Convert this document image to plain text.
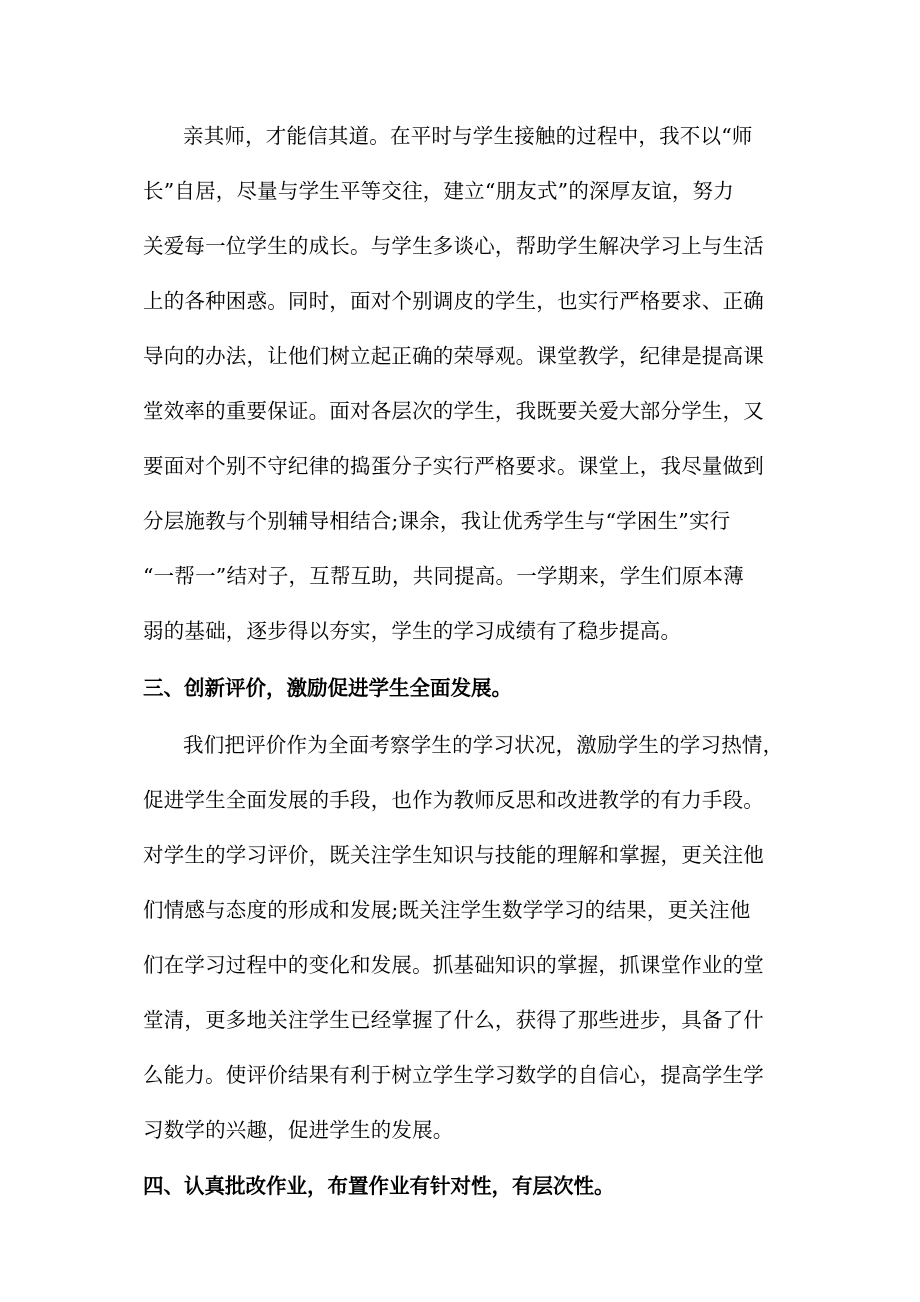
亲其师，才能信其道。在平时与学生接触的过程中，我不以“师
长”自居，尽量与学生平等交往，建立“朋友式”的深厚友谊，努力
关爱每一位学生的成长。与学生多谈心，帮助学生解决学习上与生活
上的各种困惑。同时，面对个别调皮的学生，也实行严格要求、正确
导向的办法，让他们树立起正确的荣辱观。课堂教学，纪律是提高课
堂效率的重要保证。面对各层次的学生，我既要关爱大部分学生，又
要面对个别不守纪律的捣蛋分子实行严格要求。课堂上，我尽量做到
分层施教与个别辅导相结合;课余，我让优秀学生与“学困生”实行
“一帮一”结对子，互帮互助，共同提高。一学期来，学生们原本薄
弱的基础，逐步得以夯实，学生的学习成绩有了稳步提高。
三、创新评价，激励促进学生全面发展。
我们把评价作为全面考察学生的学习状况，激励学生的学习热情，
促进学生全面发展的手段，也作为教师反思和改进教学的有力手段。
对学生的学习评价，既关注学生知识与技能的理解和掌握，更关注他
们情感与态度的形成和发展;既关注学生数学学习的结果，更关注他
们在学习过程中的变化和发展。抓基础知识的掌握，抓课堂作业的堂
堂清，更多地关注学生已经掌握了什么，获得了那些进步，具备了什
么能力。使评价结果有利于树立学生学习数学的自信心，提高学生学
习数学的兴趣，促进学生的发展。
四、认真批改作业，布置作业有针对性，有层次性。
